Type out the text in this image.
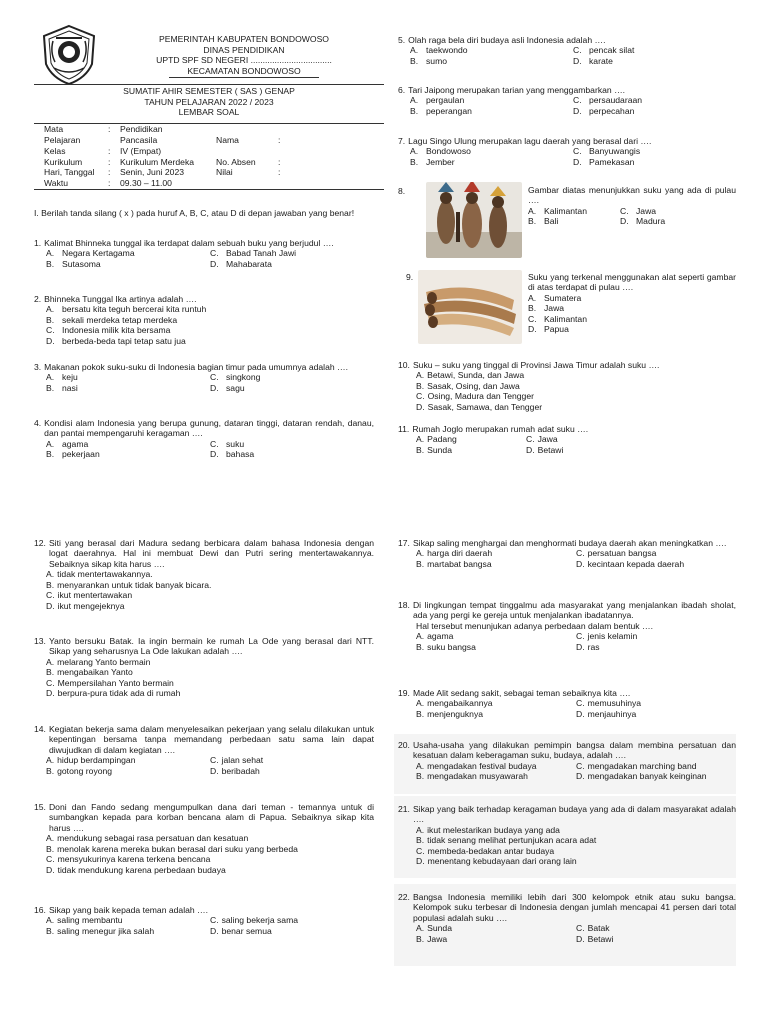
PEMERINTAH KABUPATEN BONDOWOSO
DINAS PENDIDIKAN
UPTD SPF SD NEGERI ..................................
KECAMATAN BONDOWOSO
SUMATIF AHIR SEMESTER ( SAS ) GENAP
TAHUN PELAJARAN 2022 / 2023
LEMBAR SOAL
Mata	:	Pendidikan
Pelajaran	Pancasila	Nama	:
Kelas	:	IV (Empat)
Kurikulum	:	Kurikulum Merdeka	No. Absen	:
Hari, Tanggal	:	Senin, Juni 2023	Nilai	:
Waktu	:	09.30 – 11.00
I. Berilah tanda silang ( x ) pada huruf A, B, C, atau D di depan jawaban yang benar!
1. Kalimat Bhinneka tunggal ika terdapat dalam sebuah buku yang berjudul ….
A. Negara Kertagama	C. Babad Tanah Jawi
B. Sutasoma	D. Mahabarata
2. Bhinneka Tunggal Ika artinya adalah ….
A. bersatu kita teguh bercerai kita runtuh
B. sekali merdeka tetap merdeka
C. Indonesia milik kita bersama
D. berbeda-beda tapi tetap satu jua
3. Makanan pokok suku-suku di Indonesia bagian timur pada umumnya adalah ….
A. keju	C. singkong
B. nasi	D. sagu
4. Kondisi alam Indonesia yang berupa gunung, dataran tinggi, dataran rendah, danau, dan pantai mempengaruhi keragaman ….
A. agama	C. suku
B. pekerjaan	D. bahasa
5. Olah raga bela diri budaya asli Indonesia adalah ….
A. taekwondo	C. pencak silat
B. sumo	D. karate
6. Tari Jaipong merupakan tarian yang menggambarkan ….
A. pergaulan	C. persaudaraan
B. peperangan	D. perpecahan
7. Lagu Singo Ulung merupakan lagu daerah yang berasal dari ….
A. Bondowoso	C. Banyuwangis
B. Jember	D. Pamekasan
8.	Gambar diatas menunjukkan suku yang ada di pulau ….
A. Kalimantan	C. Jawa
B. Bali	D. Madura
9.	Suku yang terkenal menggunakan alat seperti gambar di atas terdapat di pulau ….
A. Sumatera
B. Jawa
C. Kalimantan
D. Papua
10. Suku – suku yang tinggal di Provinsi Jawa Timur adalah suku ….
A. Betawi, Sunda, dan Jawa
B. Sasak, Osing, dan Jawa
C. Osing, Madura dan Tengger
D. Sasak, Samawa, dan Tengger
11. Rumah Joglo merupakan rumah adat suku ….
A. Padang	C. Jawa
B. Sunda	D. Betawi
12. Siti yang berasal dari Madura sedang berbicara dalam bahasa Indonesia dengan logat daerahnya. Hal ini membuat Dewi dan Putri sering mentertawakannya. Sebaiknya sikap kita harus ….
A. tidak mentertawakannya.
B. menyarankan untuk tidak banyak bicara.
C. ikut mentertawakan
D. ikut mengejeknya
13. Yanto bersuku Batak. Ia ingin bermain ke rumah La Ode yang berasal dari NTT. Sikap yang seharusnya La Ode lakukan adalah ….
A. melarang Yanto bermain
B. mengabaikan Yanto
C. Mempersilahan Yanto bermain
D. berpura-pura tidak ada di rumah
14. Kegiatan bekerja sama dalam menyelesaikan pekerjaan yang selalu dilakukan untuk kepentingan bersama tanpa memandang perbedaan satu sama lain dapat diwujudkan di dalam kegiatan ….
A. hidup berdampingan	C. jalan sehat
B. gotong royong	D. beribadah
15. Doni dan Fando sedang mengumpulkan dana dari teman - temannya untuk di sumbangkan kepada para korban bencana alam di Papua. Sebaiknya sikap kita harus ….
A. mendukung sebagai rasa persatuan dan kesatuan
B. menolak karena mereka bukan berasal dari suku yang berbeda
C. mensyukurinya karena terkena bencana
D. tidak mendukung karena perbedaan budaya
16. Sikap yang baik kepada teman adalah ….
A. saling membantu	C. saling bekerja sama
B. saling menegur jika salah	D. benar semua
17. Sikap saling menghargai dan menghormati budaya daerah akan meningkatkan ….
A. harga diri daerah	C. persatuan bangsa
B. martabat bangsa	D. kecintaan kepada daerah
18. Di lingkungan tempat tinggalmu ada masyarakat yang menjalankan ibadah sholat, ada yang pergi ke gereja untuk menjalankan ibadatannya.
Hal tersebut menunjukan adanya perbedaan dalam bentuk ….
A. agama	C. jenis kelamin
B. suku bangsa	D. ras
19. Made Alit sedang sakit, sebagai teman sebaiknya kita ….
A. mengabaikannya	C. memusuhinya
B. menjenguknya	D. menjauhinya
20. Usaha-usaha yang dilakukan pemimpin bangsa dalam membina persatuan dan kesatuan dalam keberagaman suku, budaya, adalah ….
A. mengadakan festival budaya	C. mengadakan marching band
B. mengadakan musyawarah	D. mengadakan banyak keinginan
21. Sikap yang baik terhadap keragaman budaya yang ada di dalam masyarakat adalah ….
A. ikut melestarikan budaya yang ada
B. tidak senang melihat pertunjukan acara adat
C. membeda-bedakan antar budaya
D. menentang kebudayaan dari orang lain
22. Bangsa Indonesia memiliki lebih dari 300 kelompok etnik atau suku bangsa. Kelompok suku terbesar di Indonesia dengan jumlah mencapai 41 persen dari total populasi adalah suku ….
A. Sunda	C. Batak
B. Jawa	D. Betawi
